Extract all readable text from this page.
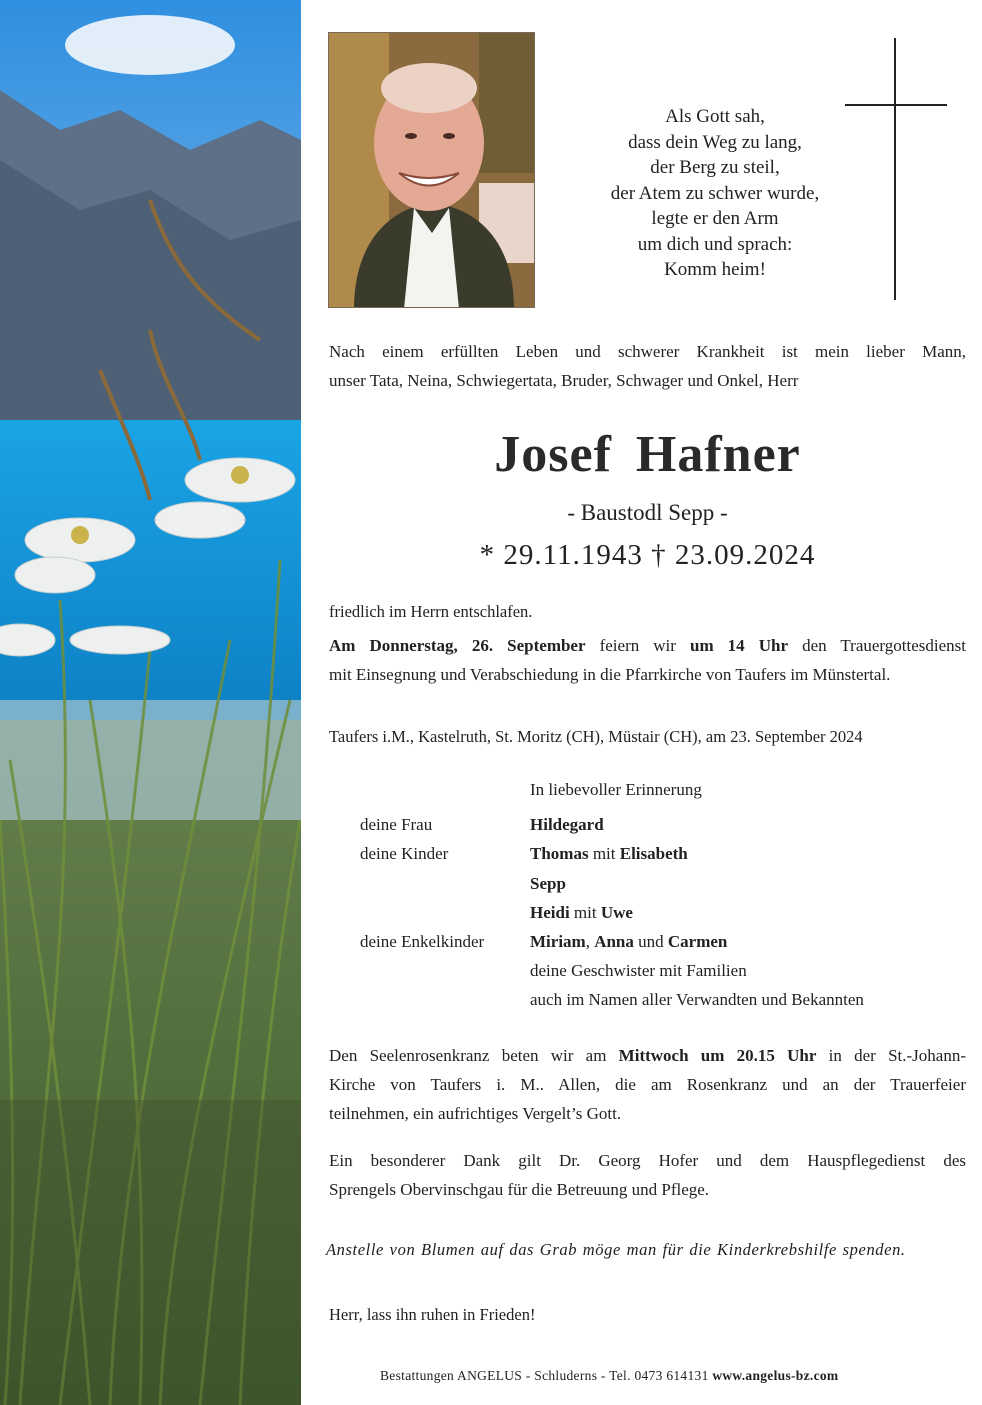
Als Gott sah,
dass dein Weg zu lang,
der Berg zu steil,
der Atem zu schwer wurde,
legte er den Arm
um dich und sprach:
Komm heim!
Nach einem erfüllten Leben und schwerer Krankheit ist mein lieber Mann,
unser Tata, Neina, Schwiegertata, Bruder, Schwager und Onkel, Herr
Josef Hafner
- Baustodl Sepp -
* 29.11.1943 † 23.09.2024
friedlich im Herrn entschlafen.
Am Donnerstag, 26. September feiern wir um 14 Uhr den Trauergottesdienst
mit Einsegnung und Verabschiedung in die Pfarrkirche von Taufers im Münstertal.
Taufers i.M., Kastelruth, St. Moritz (CH), Müstair (CH), am 23. September 2024
In liebevoller Erinnerung
deine Frau	Hildegard
deine Kinder	Thomas mit Elisabeth
Sepp
Heidi mit Uwe
deine Enkelkinder	Miriam, Anna und Carmen
deine Geschwister mit Familien
auch im Namen aller Verwandten und Bekannten
Den Seelenrosenkranz beten wir am Mittwoch um 20.15 Uhr in der St.-Johann-
Kirche von Taufers i. M.. Allen, die am Rosenkranz und an der Trauerfeier
teilnehmen, ein aufrichtiges Vergelt’s Gott.
Ein besonderer Dank gilt Dr. Georg Hofer und dem Hauspflegedienst des
Sprengels Obervinschgau für die Betreuung und Pflege.
Anstelle von Blumen auf das Grab möge man für die Kinderkrebshilfe spenden.
Herr, lass ihn ruhen in Frieden!
Bestattungen ANGELUS - Schluderns - Tel. 0473 614131 www.angelus-bz.com
